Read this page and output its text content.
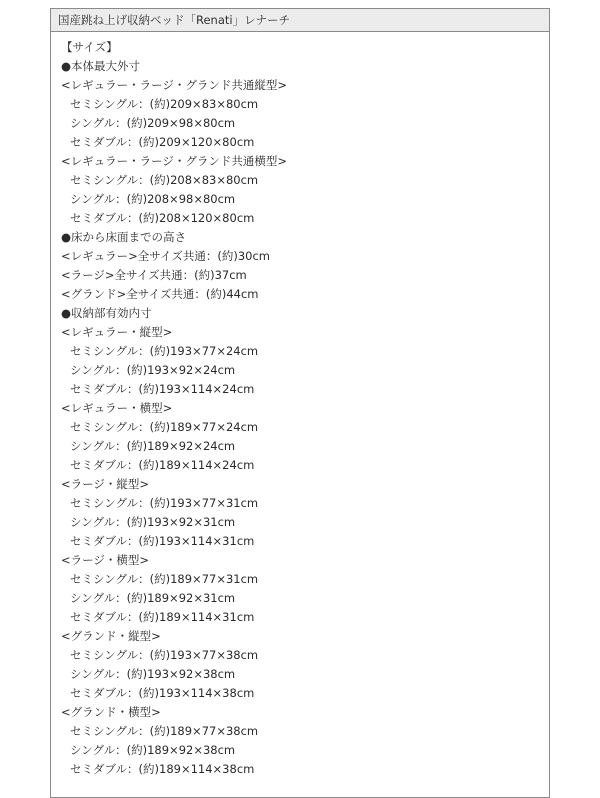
国産跳ね上げ収納ベッド「Renati」レナーチ
【サイズ】
●本体最大外寸
<レギュラー・ラージ・グランド共通縦型>
セミシングル：(約)209×83×80cm
シングル：(約)209×98×80cm
セミダブル：(約)209×120×80cm
<レギュラー・ラージ・グランド共通横型>
セミシングル：(約)208×83×80cm
シングル：(約)208×98×80cm
セミダブル：(約)208×120×80cm
●床から床面までの高さ
<レギュラー>全サイズ共通：(約)30cm
<ラージ>全サイズ共通：(約)37cm
<グランド>全サイズ共通：(約)44cm
●収納部有効内寸
<レギュラー・縦型>
セミシングル：(約)193×77×24cm
シングル：(約)193×92×24cm
セミダブル：(約)193×114×24cm
<レギュラー・横型>
セミシングル：(約)189×77×24cm
シングル：(約)189×92×24cm
セミダブル：(約)189×114×24cm
<ラージ・縦型>
セミシングル：(約)193×77×31cm
シングル：(約)193×92×31cm
セミダブル：(約)193×114×31cm
<ラージ・横型>
セミシングル：(約)189×77×31cm
シングル：(約)189×92×31cm
セミダブル：(約)189×114×31cm
<グランド・縦型>
セミシングル：(約)193×77×38cm
シングル：(約)193×92×38cm
セミダブル：(約)193×114×38cm
<グランド・横型>
セミシングル：(約)189×77×38cm
シングル：(約)189×92×38cm
セミダブル：(約)189×114×38cm
